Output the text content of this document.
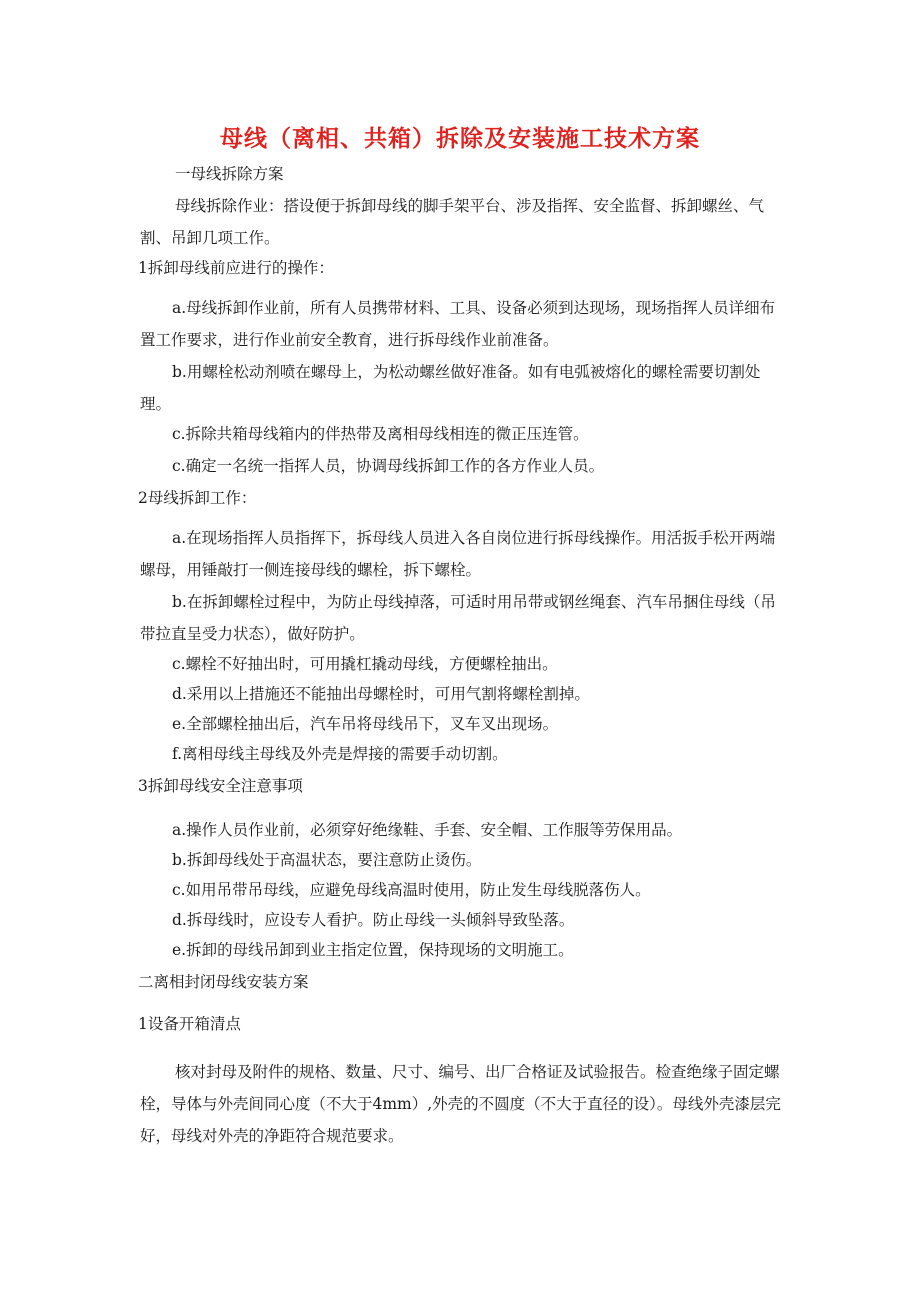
母线（离相、共箱）拆除及安装施工技术方案
一母线拆除方案
母线拆除作业：搭设便于拆卸母线的脚手架平台、涉及指挥、安全监督、拆卸螺丝、气割、吊卸几项工作。
1拆卸母线前应进行的操作：
a.母线拆卸作业前，所有人员携带材料、工具、设备必须到达现场，现场指挥人员详细布置工作要求，进行作业前安全教育，进行拆母线作业前准备。
b.用螺栓松动剂喷在螺母上，为松动螺丝做好准备。如有电弧被熔化的螺栓需要切割处理。
c.拆除共箱母线箱内的伴热带及离相母线相连的微正压连管。
c.确定一名统一指挥人员，协调母线拆卸工作的各方作业人员。
2母线拆卸工作：
a.在现场指挥人员指挥下，拆母线人员进入各自岗位进行拆母线操作。用活扳手松开两端螺母，用锤敲打一侧连接母线的螺栓，拆下螺栓。
b.在拆卸螺栓过程中，为防止母线掉落，可适时用吊带或钢丝绳套、汽车吊捆住母线（吊带拉直呈受力状态），做好防护。
c.螺栓不好抽出时，可用撬杠撬动母线，方便螺栓抽出。
d.采用以上措施还不能抽出母螺栓时，可用气割将螺栓割掉。
e.全部螺栓抽出后，汽车吊将母线吊下，叉车叉出现场。
f.离相母线主母线及外壳是焊接的需要手动切割。
3拆卸母线安全注意事项
a.操作人员作业前，必须穿好绝缘鞋、手套、安全帽、工作服等劳保用品。
b.拆卸母线处于高温状态，要注意防止烫伤。
c.如用吊带吊母线，应避免母线高温时使用，防止发生母线脱落伤人。
d.拆母线时，应设专人看护。防止母线一头倾斜导致坠落。
e.拆卸的母线吊卸到业主指定位置，保持现场的文明施工。
二离相封闭母线安装方案
1设备开箱清点
核对封母及附件的规格、数量、尺寸、编号、出厂合格证及试验报告。检查绝缘子固定螺栓，导体与外壳间同心度（不大于4mm）,外壳的不圆度（不大于直径的设）。母线外壳漆层完好，母线对外壳的净距符合规范要求。
